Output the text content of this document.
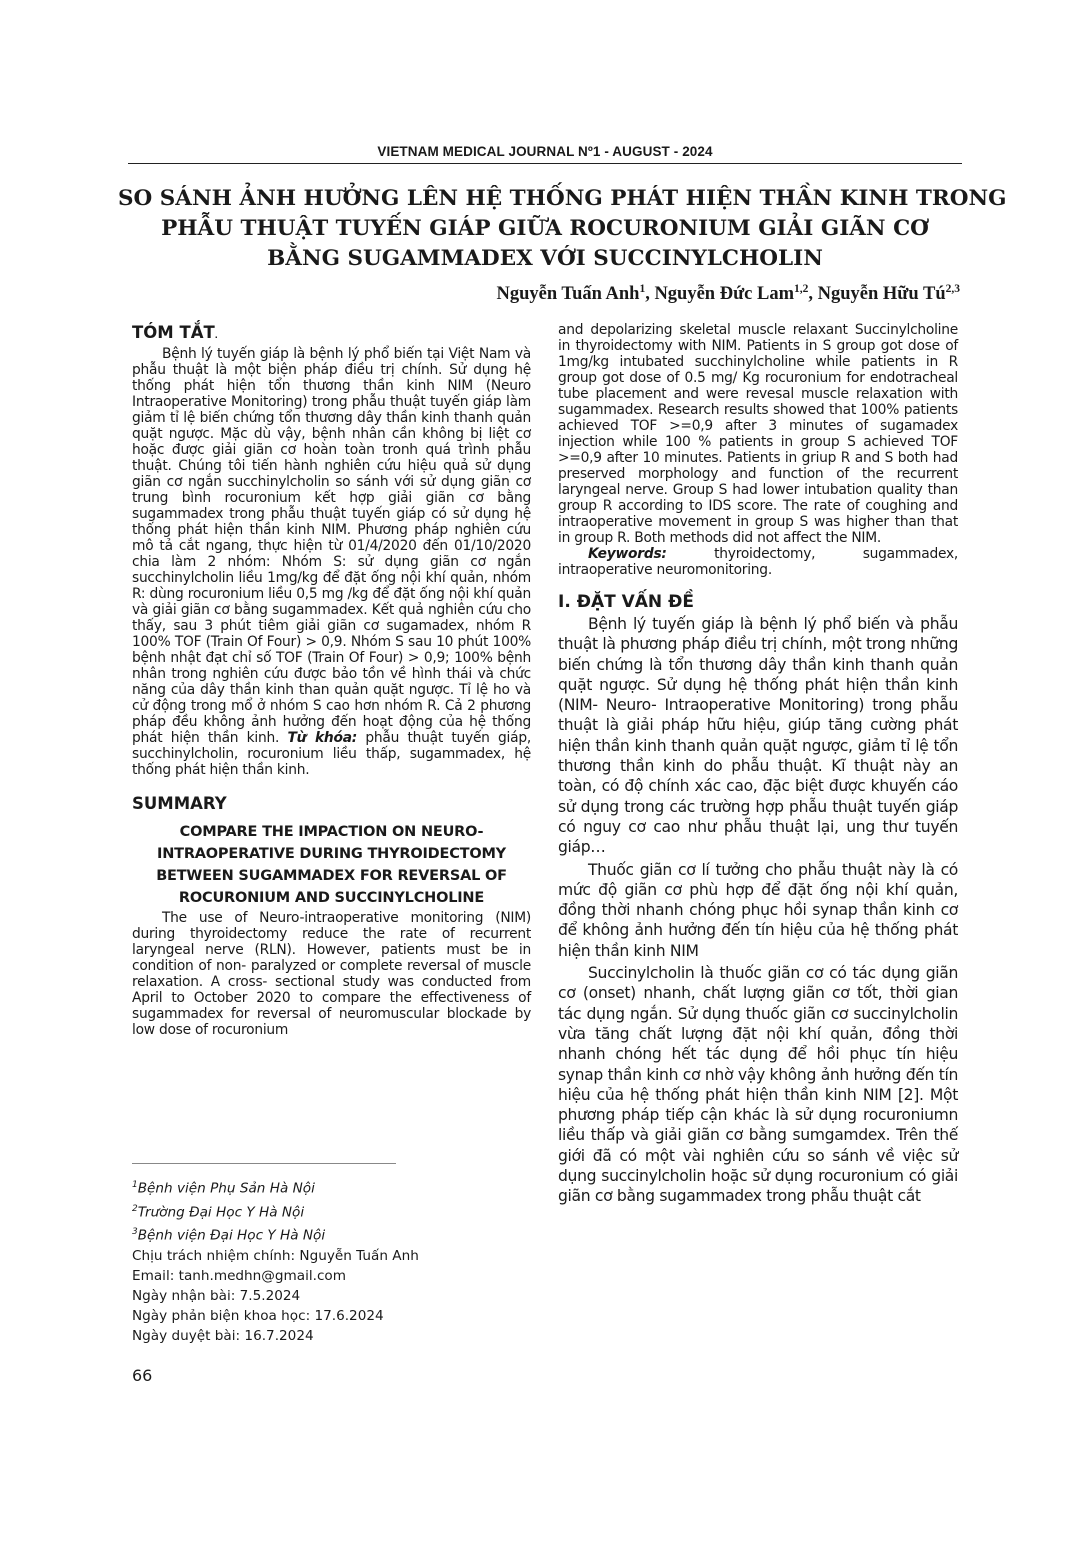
VIETNAM MEDICAL JOURNAL Nº1 - AUGUST - 2024
SO SÁNH ẢNH HƯỞNG LÊN HỆ THỐNG PHÁT HIỆN THẦN KINH TRONG
PHẪU THUẬT TUYẾN GIÁP GIỮA ROCURONIUM GIẢI GIÃN CƠ
BẰNG SUGAMMADEX VỚI SUCCINYLCHOLIN
Nguyễn Tuấn Anh$^1$, Nguyễn Đức Lam$^{1,2}$, Nguyễn Hữu Tú$^{2,3}$
TÓM TẮT.

Bệnh lý tuyến giáp là bệnh lý phổ biến tại Việt Nam và phẫu thuật là một biện pháp điều trị chính. Sử dụng hệ thống phát hiện tổn thương thần kinh NIM (Neuro Intraoperative Monitoring) trong phẫu thuật tuyến giáp làm giảm tỉ lệ biến chứng tổn thương dây thần kinh thanh quản quặt ngược. Mặc dù vậy, bệnh nhân cần không bị liệt cơ hoặc được giải giãn cơ hoàn toàn tronh quá trình phẫu thuật. Chúng tôi tiến hành nghiên cứu hiệu quả sử dụng giãn cơ ngắn succhinylcholin so sánh với sử dụng giãn cơ trung bình rocuronium kết hợp giải giãn cơ bằng sugammadex trong phẫu thuật tuyến giáp có sử dụng hệ thống phát hiện thần kinh NIM. Phương pháp nghiên cứu mô tả cắt ngang, thực hiện từ 01/4/2020 đến 01/10/2020 chia làm 2 nhóm: Nhóm S: sử dụng giãn cơ ngắn succhinylcholin liều 1mg/kg để đặt ống nội khí quản, nhóm R: dùng rocuronium liều 0,5 mg /kg để đặt ống nội khí quản và giải giãn cơ bằng sugammadex. Kết quả nghiên cứu cho thấy, sau 3 phút tiêm giải giãn cơ sugamadex, nhóm R 100% TOF (Train Of Four) > 0,9. Nhóm S sau 10 phút 100% bệnh nhật đạt chỉ số TOF (Train Of Four) > 0,9; 100% bệnh nhân trong nghiên cứu được bảo tồn về hình thái và chức năng của dây thần kinh than quản quặt ngược. Tỉ lệ ho và cử động trong mổ ở nhóm S cao hơn nhóm R. Cả 2 phương pháp đều không ảnh hưởng đến hoạt động của hệ thống phát hiện thần kinh. Từ khóa: phẫu thuật tuyến giáp, succhinylcholin, rocuronium liều thấp, sugammadex, hệ thống phát hiện thần kinh.

SUMMARY
COMPARE THE IMPACTION ON NEURO-INTRAOPERATIVE DURING THYROIDECTOMY BETWEEN SUGAMMADEX FOR REVERSAL OF ROCURONIUM AND SUCCINYLCHOLINE

The use of Neuro-intraoperative monitoring (NIM) during thyroidectomy reduce the rate of recurrent laryngeal nerve (RLN). However, patients must be in condition of non- paralyzed or complete reversal of muscle relaxation. A cross- sectional study was conducted from April to October 2020 to compare the effectiveness of sugammadex for reversal of neuromuscular blockade by low dose of rocuronium

$^1$Bệnh viện Phụ Sản Hà Nội
$^2$Trường Đại Học Y Hà Nội
$^3$Bệnh viện Đại Học Y Hà Nội
Chịu trách nhiệm chính: Nguyễn Tuấn Anh
Email: tanh.medhn@gmail.com
Ngày nhận bài: 7.5.2024
Ngày phản biện khoa học: 17.6.2024
Ngày duyệt bài: 16.7.2024
66

and depolarizing skeletal muscle relaxant Succinylcholine in thyroidectomy with NIM. Patients in S group got dose of 1mg/kg intubated succhinylcholine while patients in R group got dose of 0.5 mg/ Kg rocuronium for endotracheal tube placement and were revesal muscle relaxation with sugammadex. Research results showed that 100% patients achieved TOF >=0,9 after 3 minutes of sugamadex injection while 100 % patients in group S achieved TOF >=0,9 after 10 minutes. Patients in griup R and S both had preserved morphology and function of the recurrent laryngeal nerve. Group S had lower intubation quality than group R according to IDS score. The rate of coughing and intraoperative movement in group S was higher than that in group R. Both methods did not affect the NIM.

Keywords:	thyroidectomy, sugammadex, intraoperative neuromonitoring.

I. ĐẶT VẤN ĐỀ

Bệnh lý tuyến giáp là bệnh lý phổ biến và phẫu thuật là phương pháp điều trị chính, một trong những biến chứng là tổn thương dây thần kinh thanh quản quặt ngược. Sử dụng hệ thống phát hiện thần kinh (NIM- Neuro- Intraoperative Monitoring) trong phẫu thuật là giải pháp hữu hiệu, giúp tăng cường phát hiện thần kinh thanh quản quặt ngược, giảm tỉ lệ tổn thương thần kinh do phẫu thuật. Kĩ thuật này an toàn, có độ chính xác cao, đặc biệt được khuyến cáo sử dụng trong các trường hợp phẫu thuật tuyến giáp có nguy cơ cao như phẫu thuật lại, ung thư tuyến giáp…

Thuốc giãn cơ lí tưởng cho phẫu thuật này là có mức độ giãn cơ phù hợp để đặt ống nội khí quản, đồng thời nhanh chóng phục hồi synap thần kinh cơ để không ảnh hưởng đến tín hiệu của hệ thống phát hiện thần kinh NIM

Succinylcholin là thuốc giãn cơ có tác dụng giãn cơ (onset) nhanh, chất lượng giãn cơ tốt, thời gian tác dụng ngắn. Sử dụng thuốc giãn cơ succinylcholin vừa tăng chất lượng đặt nội khí quản, đồng thời nhanh chóng hết tác dụng để hồi phục tín hiệu synap thần kinh cơ nhờ vậy không ảnh hưởng đến tín hiệu của hệ thống phát hiện thần kinh NIM [2]. Một phương pháp tiếp cận khác là sử dụng rocuroniumn liều thấp và giải giãn cơ bằng sumgamdex. Trên thế giới đã có một vài nghiên cứu so sánh về việc sử dụng succinylcholin hoặc sử dụng rocuronium có giải giãn cơ bằng sugammadex trong phẫu thuật cắt
